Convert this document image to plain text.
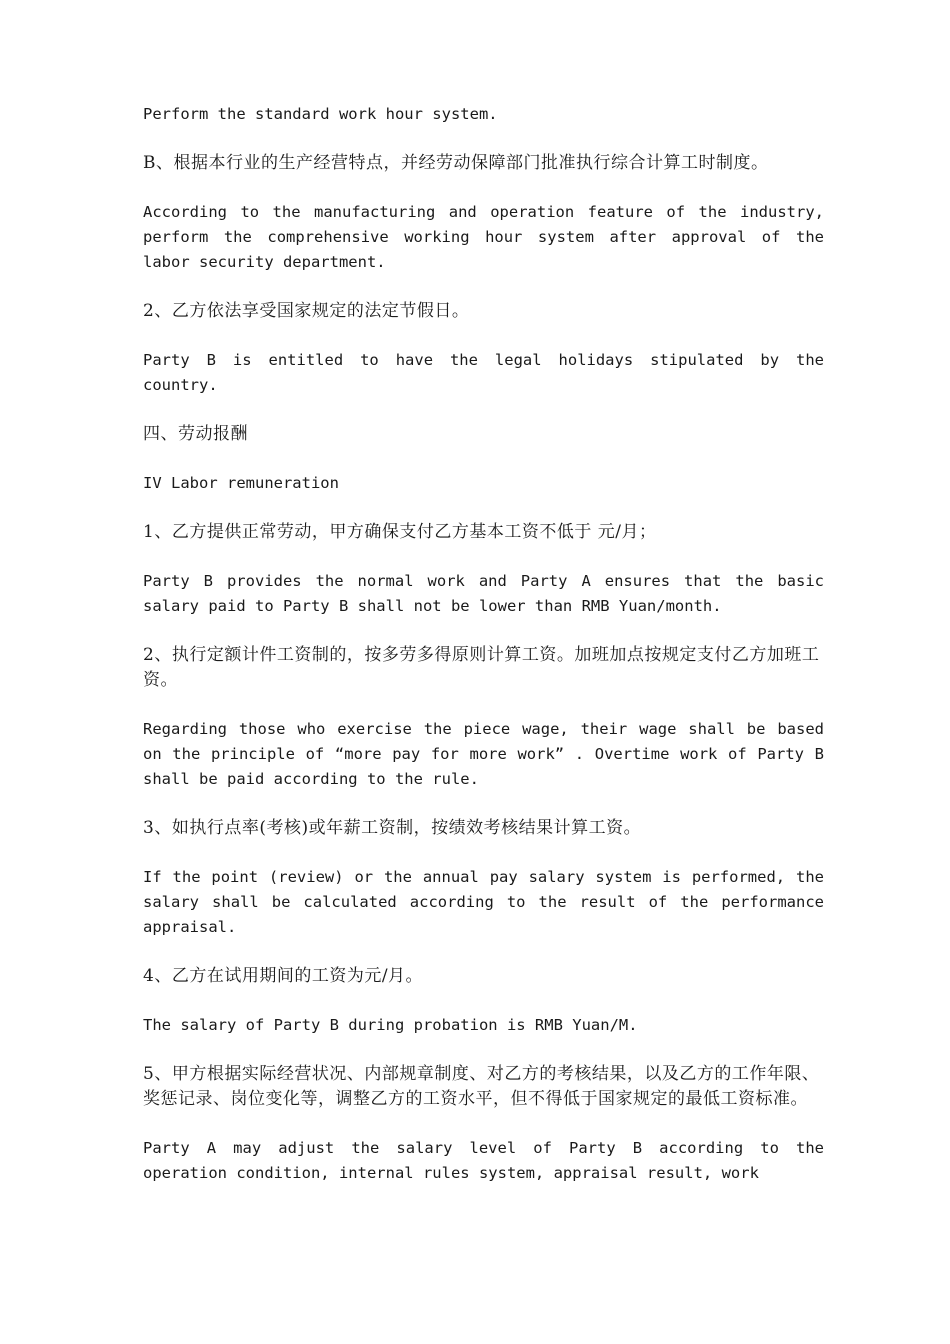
Perform the standard work hour system.

B、根据本行业的生产经营特点，并经劳动保障部门批准执行综合计算工时制度。

According to the manufacturing and operation feature of the industry, perform the comprehensive working hour system after approval of the labor security department.

2、乙方依法享受国家规定的法定节假日。

Party B is entitled to have the legal holidays stipulated by the country.

四、劳动报酬

IV Labor remuneration

1、乙方提供正常劳动，甲方确保支付乙方基本工资不低于 元/月；

Party B provides the normal work and Party A ensures that the basic salary paid to Party B shall not be lower than RMB Yuan/month.

2、执行定额计件工资制的，按多劳多得原则计算工资。加班加点按规定支付乙方加班工资。

Regarding those who exercise the piece wage, their wage shall be based on the principle of “more pay for more work” . Overtime work of Party B shall be paid according to the rule.

3、如执行点率(考核)或年薪工资制，按绩效考核结果计算工资。

If the point (review) or the annual pay salary system is performed, the salary shall be calculated according to the result of the performance appraisal.

4、乙方在试用期间的工资为元/月。

The salary of Party B during probation is RMB Yuan/M.

5、甲方根据实际经营状况、内部规章制度、对乙方的考核结果，以及乙方的工作年限、奖惩记录、岗位变化等，调整乙方的工资水平，但不得低于国家规定的最低工资标准。

Party A may adjust the salary level of Party B according to the operation condition, internal rules system, appraisal result, work
